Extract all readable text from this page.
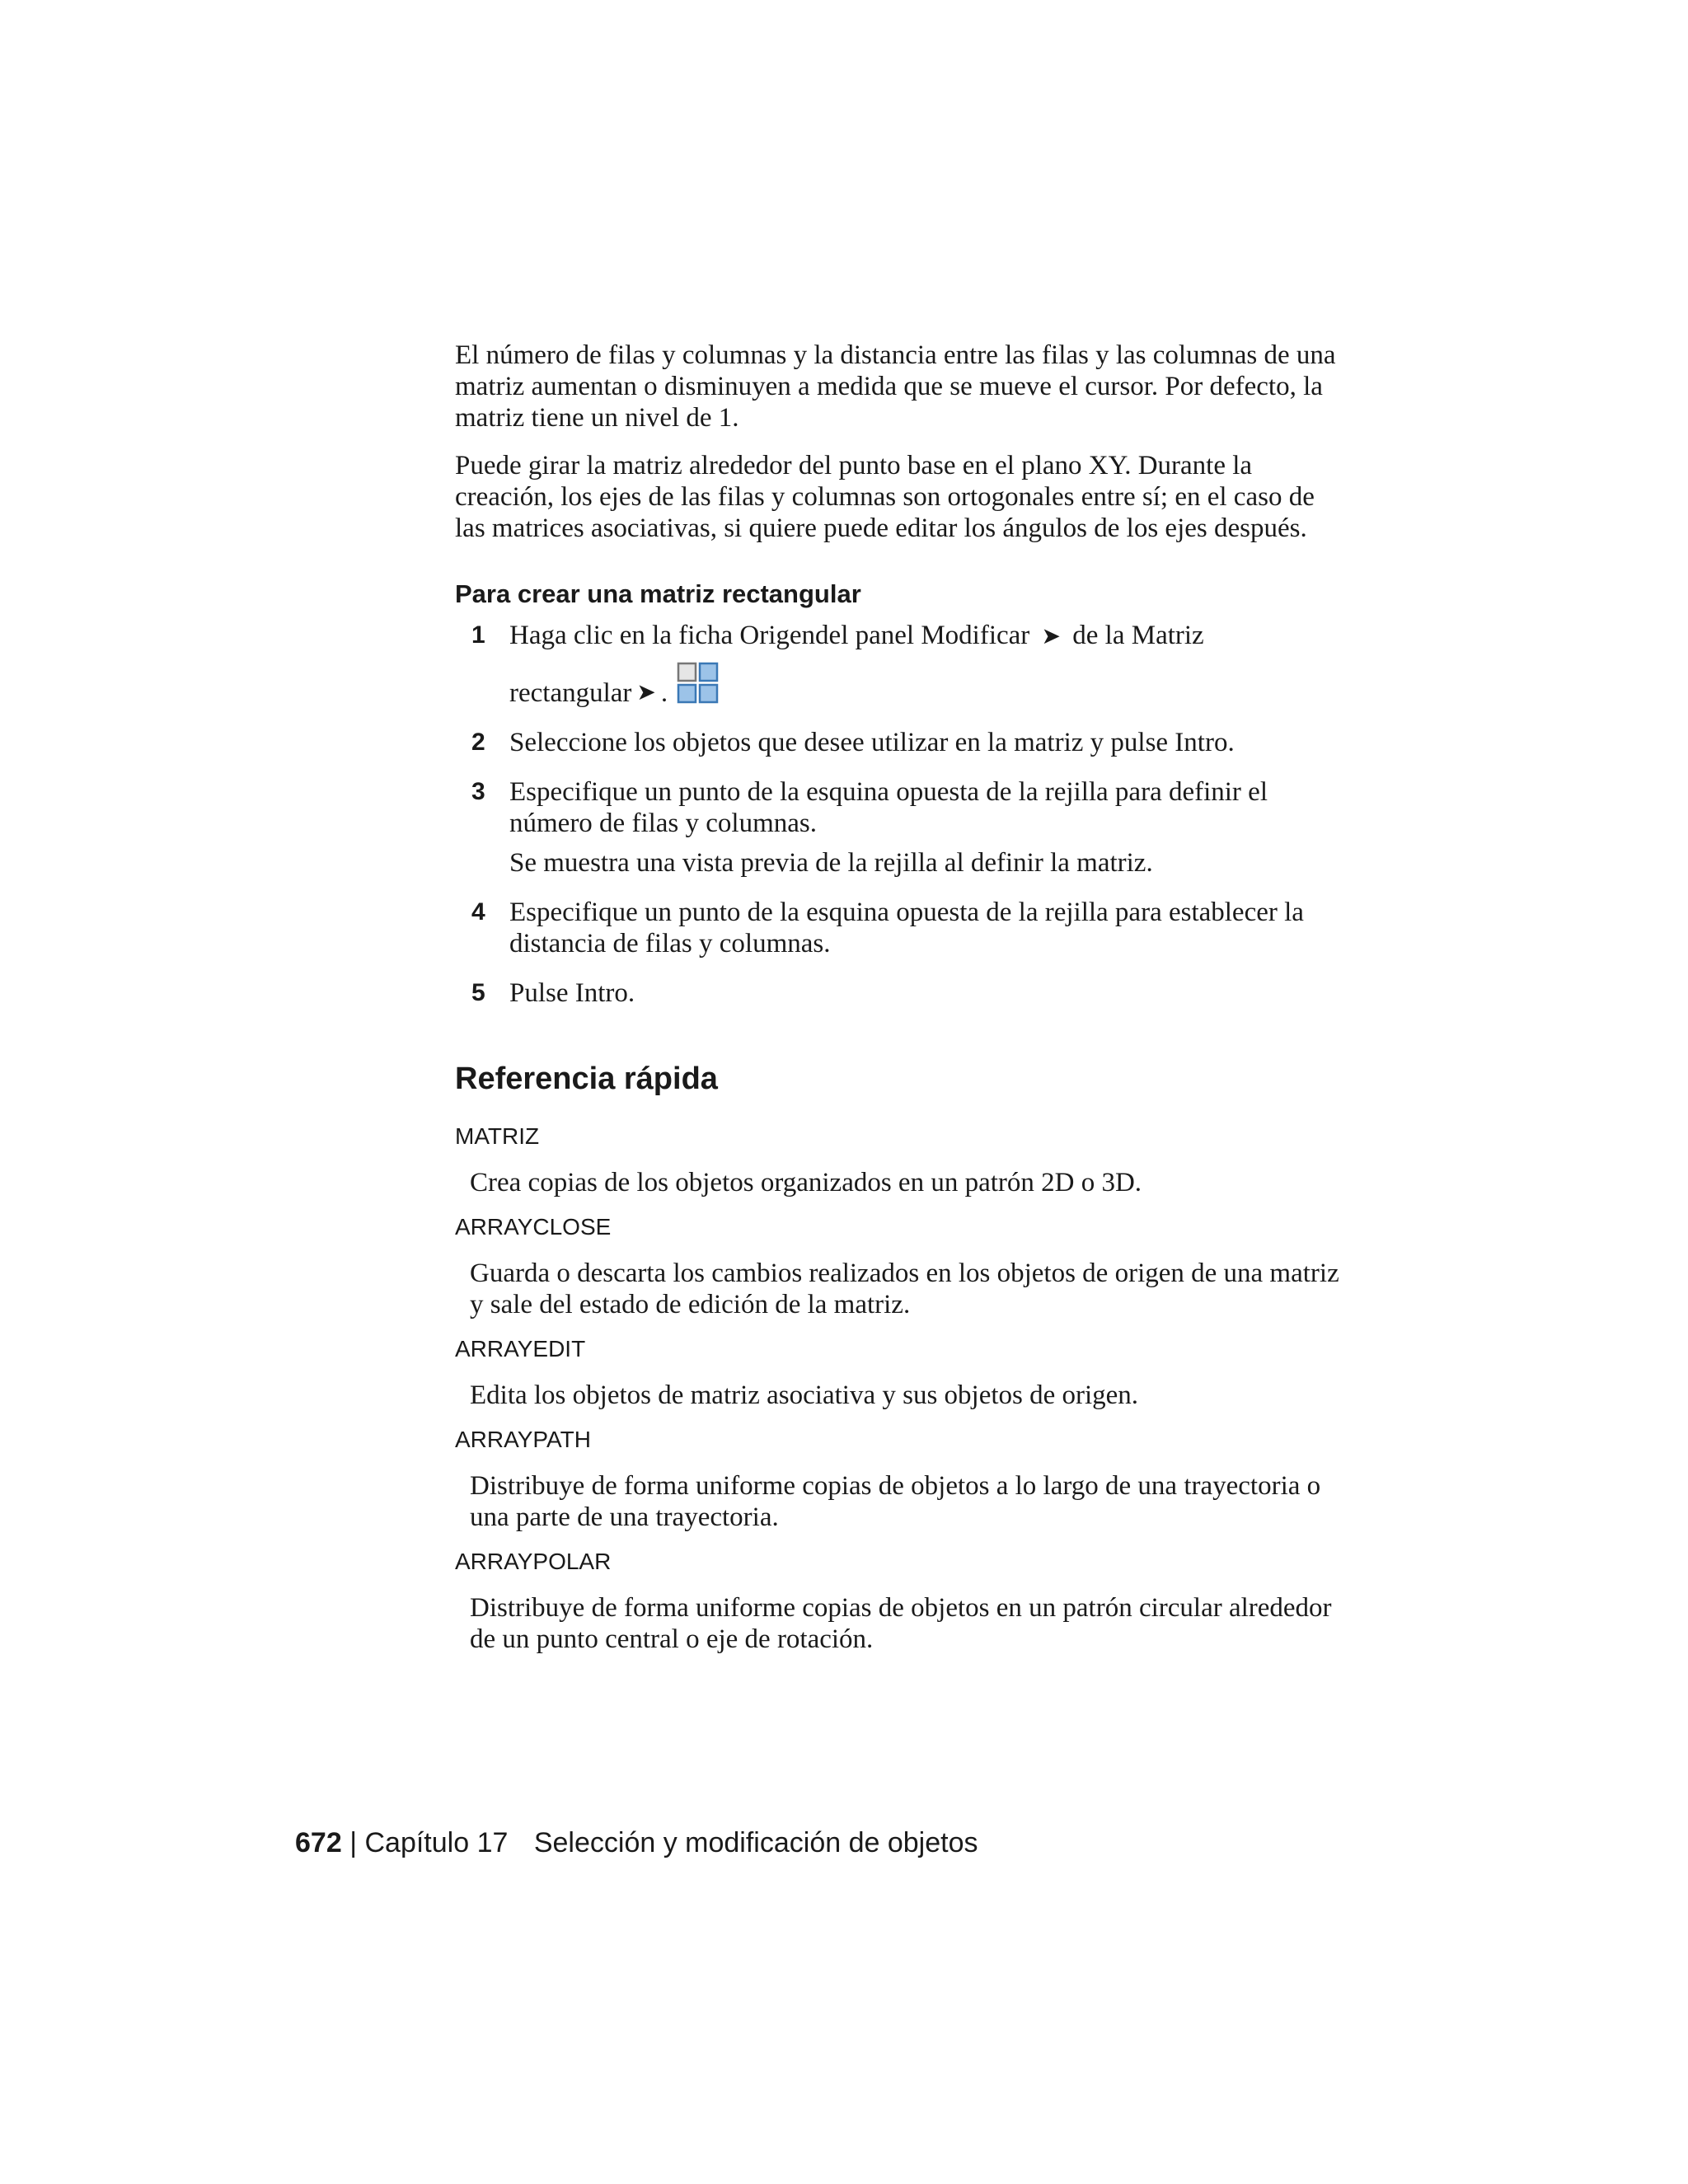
El número de filas y columnas y la distancia entre las filas y las columnas de una matriz aumentan o disminuyen a medida que se mueve el cursor. Por defecto, la matriz tiene un nivel de 1.

Puede girar la matriz alrededor del punto base en el plano XY. Durante la creación, los ejes de las filas y columnas son ortogonales entre sí; en el caso de las matrices asociativas, si quiere puede editar los ángulos de los ejes después.

Para crear una matriz rectangular
1 Haga clic en la ficha Origendel panel Modificar ➤ de la Matriz
rectangular ➤ .
2 Seleccione los objetos que desee utilizar en la matriz y pulse Intro.
3 Especifique un punto de la esquina opuesta de la rejilla para definir el número de filas y columnas.
Se muestra una vista previa de la rejilla al definir la matriz.
4 Especifique un punto de la esquina opuesta de la rejilla para establecer la distancia de filas y columnas.
5 Pulse Intro.
Referencia rápida
MATRIZ

Crea copias de los objetos organizados en un patrón 2D o 3D.

ARRAYCLOSE

Guarda o descarta los cambios realizados en los objetos de origen de una matriz y sale del estado de edición de la matriz.

ARRAYEDIT

Edita los objetos de matriz asociativa y sus objetos de origen.

ARRAYPATH

Distribuye de forma uniforme copias de objetos a lo largo de una trayectoria o una parte de una trayectoria.

ARRAYPOLAR

Distribuye de forma uniforme copias de objetos en un patrón circular alrededor de un punto central o eje de rotación.

672 | Capítulo 17 Selección y modificación de objetos
